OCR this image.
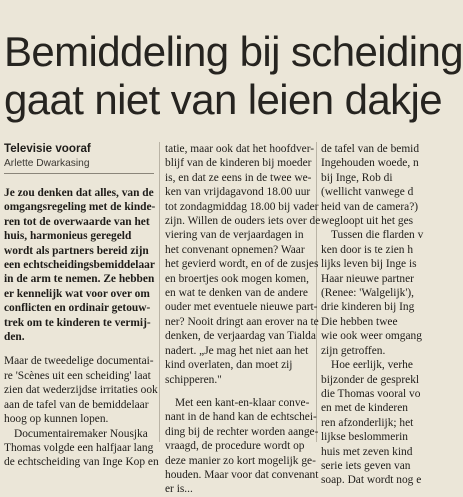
Bemiddeling bij scheiding
gaat niet van leien dakje

Televisie vooraf

Arlette Dwarkasing

Je zou denken dat alles, van de
omgangsregeling met de kinde-
ren tot de overwaarde van het
huis, harmonieus geregeld
wordt als partners bereid zijn
een echtscheidingsbemiddelaar
in de arm te nemen. Ze hebben
er kennelijk wat voor over om
conflicten en ordinair getouw-
trek om te kinderen te vermij-
den.

Maar de tweedelige documentai-
re 'Scènes uit een scheiding' laat
zien dat wederzijdse irritaties ook
aan de tafel van de bemiddelaar
hoog op kunnen lopen.

Documentairemaker Nousjka
Thomas volgde een halfjaar lang
de echtscheiding van Inge Kop en

tatie, maar ook dat het hoofdver-
blijf van de kinderen bij moeder
is, en dat ze eens in de twee we-
ken van vrijdagavond 18.00 uur
tot zondagmiddag 18.00 bij vader
zijn. Willen de ouders iets over de
viering van de verjaardagen in
het convenant opnemen? Waar
het gevierd wordt, en of de zusjes
en broertjes ook mogen komen,
en wat te denken van de andere
ouder met eventuele nieuwe part-
ner? Nooit dringt aan erover na te
denken, de verjaardag van Tialda
nadert. „Je mag het niet aan het
kind overlaten, dan moet zij
schipperen."

Met een kant-en-klaar conve-
nant in de hand kan de echtschei-
ding bij de rechter worden aange-
vraagd, de procedure wordt op
deze manier zo kort mogelijk ge-
houden. Maar voor dat convenant
er is...

de tafel van de bemid
Ingehouden woede, n
bij Inge, Rob di
(wellicht vanwege d
heid van de camera?)
wegloopt uit het ges

Tussen die flarden v
ken door is te zien h
lijks leven bij Inge is
Haar nieuwe partner
(Renee: 'Walgelijk'),
drie kinderen bij Ing
Die hebben twee
wie ook weer omgang
zijn getroffen.

Hoe eerlijk, verhe
bijzonder de gesprekl
die Thomas vooral vo
en met de kinderen
ren afzonderlijk; het
lijkse beslommerin
huis met zeven kind
serie iets geven van
soap. Dat wordt nog e
